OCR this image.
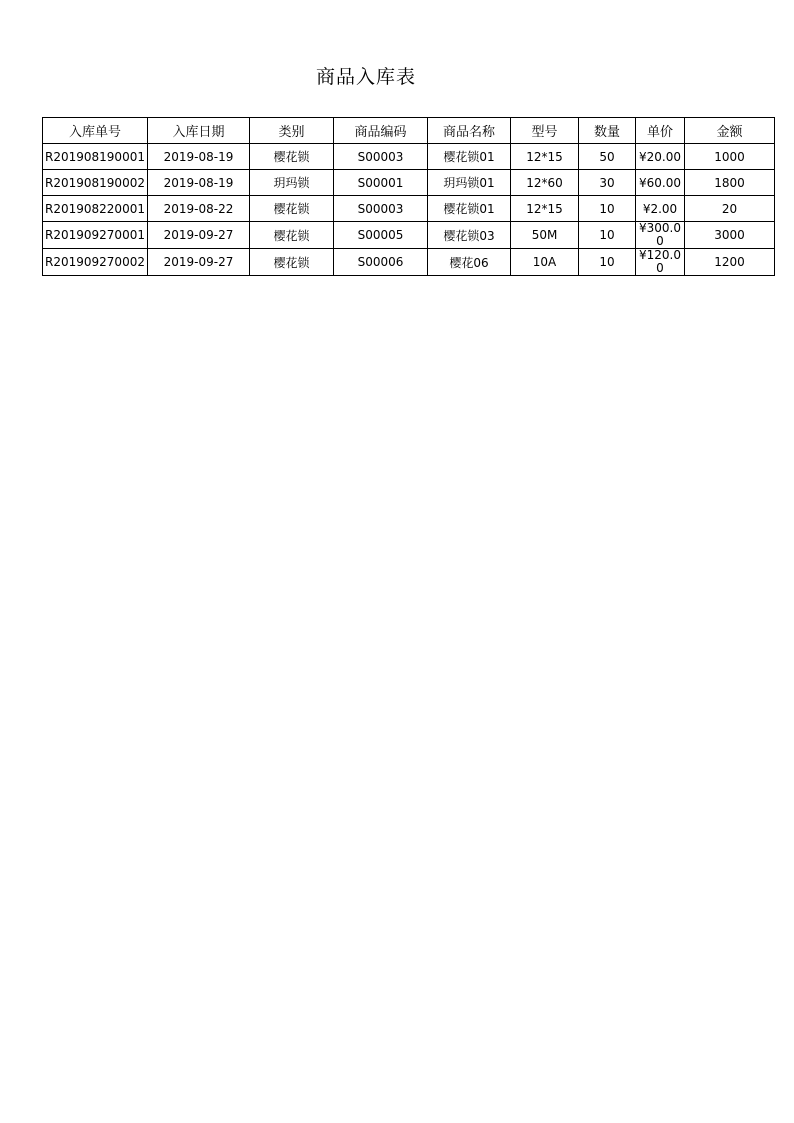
商品入库表
入库单号	入库日期	类别	商品编码	商品名称	型号	数量	单价	金额
R201908190001	2019-08-19	樱花锁	S00003	樱花锁01	12*15	50	¥20.00	1000
R201908190002	2019-08-19	玥玛锁	S00001	玥玛锁01	12*60	30	¥60.00	1800
R201908220001	2019-08-22	樱花锁	S00003	樱花锁01	12*15	10	¥2.00	20
R201909270001	2019-09-27	樱花锁	S00005	樱花锁03	50M	10	¥300.00	3000
R201909270002	2019-09-27	樱花锁	S00006	樱花06	10A	10	¥120.00	1200
